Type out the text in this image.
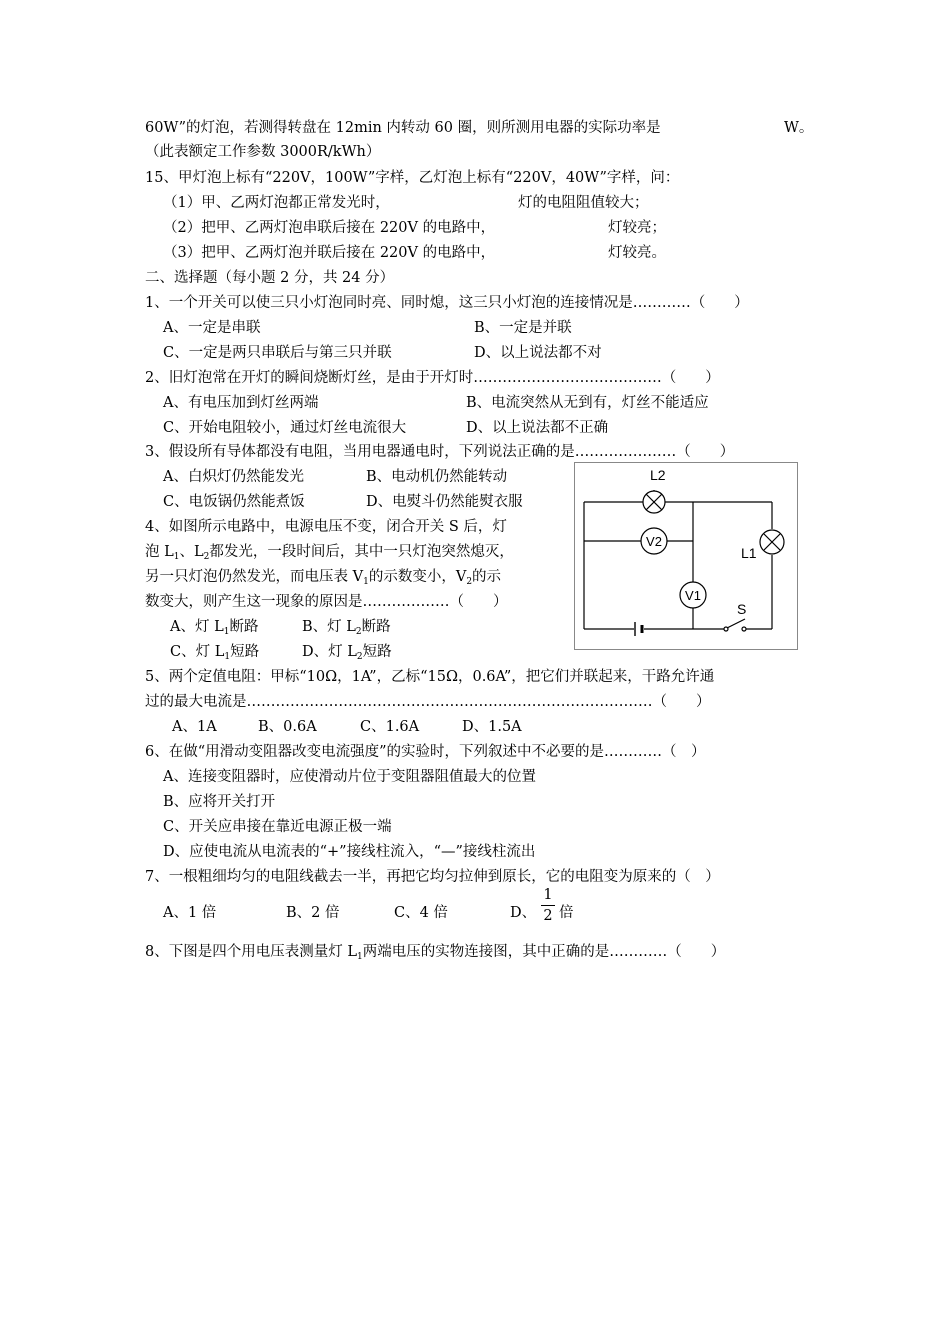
60W”的灯泡，若测得转盘在 12min 内转动 60 圈，则所测用电器的实际功率是	W。
（此表额定工作参数 3000R/kWh）
15、甲灯泡上标有“220V，100W”字样，乙灯泡上标有“220V，40W”字样，问：
（1）甲、乙两灯泡都正常发光时，	灯的电阻阻值较大；
（2）把甲、乙两灯泡串联后接在 220V 的电路中，	灯较亮；
（3）把甲、乙两灯泡并联后接在 220V 的电路中，	灯较亮。
二、选择题（每小题 2 分，共 24 分）
1、一个开关可以使三只小灯泡同时亮、同时熄，这三只小灯泡的连接情况是…………（　　）
A、一定是串联	B、一定是并联
C、一定是两只串联后与第三只并联	D、以上说法都不对
2、旧灯泡常在开灯的瞬间烧断灯丝，是由于开灯时…………………………………（　　）
A、有电压加到灯丝两端	B、电流突然从无到有，灯丝不能适应
C、开始电阻较小，通过灯丝电流很大	D、以上说法都不正确
3、假设所有导体都没有电阻，当用电器通电时，下列说法正确的是…………………（　　）
A、白炽灯仍然能发光	B、电动机仍然能转动
C、电饭锅仍然能煮饭	D、电熨斗仍然能熨衣服
4、如图所示电路中，电源电压不变，闭合开关 S 后，灯
泡 $L_1$、$L_2$都发光，一段时间后，其中一只灯泡突然熄灭，
另一只灯泡仍然发光，而电压表 $V_1$的示数变小，$V_2$的示
数变大，则产生这一现象的原因是………………（　　）
A、灯 $L_1$断路	B、灯 $L_2$断路
C、灯 $L_1$短路	D、灯 $L_2$短路
V2
V1
L2
L1
S
5、两个定值电阻：甲标“10Ω，1A”，乙标“15Ω，0.6A”，把它们并联起来，干路允许通
过的最大电流是…………………………………………………………………………（　　）
A、1A	B、0.6A	C、1.6A	D、1.5A
6、在做“用滑动变阻器改变电流强度”的实验时，下列叙述中不必要的是…………（　）
A、连接变阻器时，应使滑动片位于变阻器阻值最大的位置
B、应将开关打开
C、开关应串接在靠近电源正极一端
D、应使电流从电流表的“+”接线柱流入，“—”接线柱流出
7、一根粗细均匀的电阻线截去一半，再把它均匀拉伸到原长，它的电阻变为原来的（　）
A、1 倍	B、2 倍	C、4 倍	D、
1
2 倍
8、下图是四个用电压表测量灯 $L_1$两端电压的实物连接图，其中正确的是…………（　　）
